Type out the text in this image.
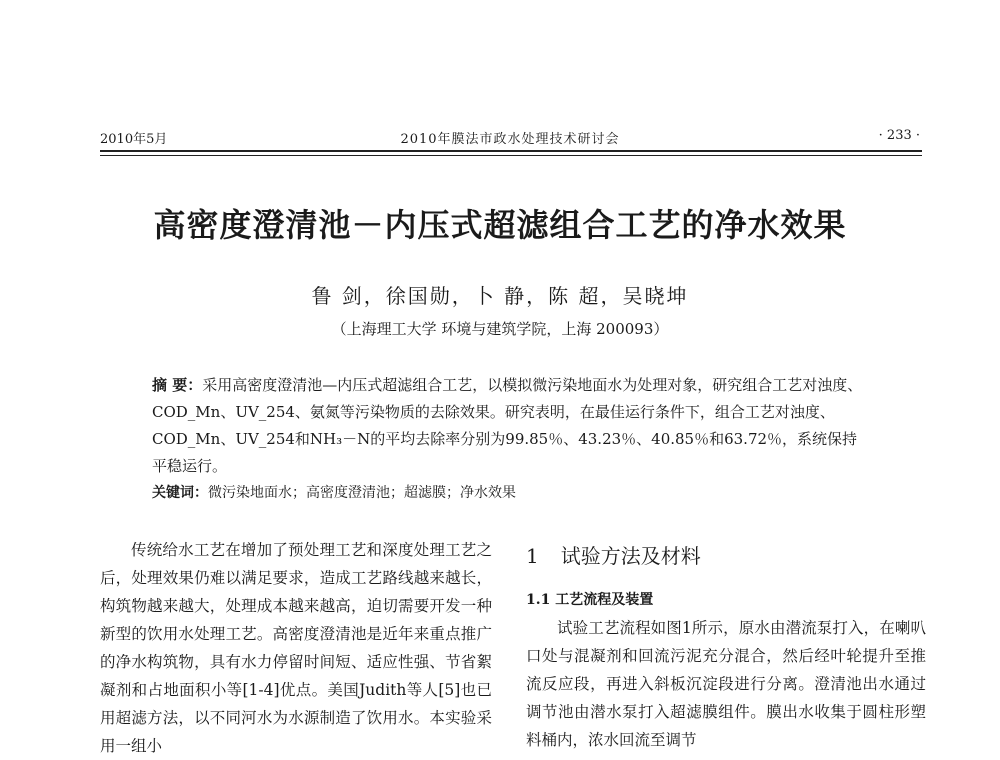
2010年5月	2010年膜法市政水处理技术研讨会	· 233 ·
高密度澄清池－内压式超滤组合工艺的净水效果
鲁 剑，徐国勋，卜 静，陈 超，吴晓坤
（上海理工大学 环境与建筑学院，上海 200093）
摘 要：采用高密度澄清池—内压式超滤组合工艺，以模拟微污染地面水为处理对象，研究组合工艺对浊度、COD_Mn、UV_254、氨氮等污染物质的去除效果。研究表明，在最佳运行条件下，组合工艺对浊度、COD_Mn、UV_254和NH₃－N的平均去除率分别为99.85％、43.23％、40.85％和63.72％，系统保持平稳运行。
关键词：微污染地面水；高密度澄清池；超滤膜；净水效果

传统给水工艺在增加了预处理工艺和深度处理工艺之后，处理效果仍难以满足要求，造成工艺路线越来越长，构筑物越来越大，处理成本越来越高，迫切需要开发一种新型的饮用水处理工艺。高密度澄清池是近年来重点推广的净水构筑物，具有水力停留时间短、适应性强、节省絮凝剂和占地面积小等[1-4]优点。美国Judith等人[5]也已用超滤方法，以不同河水为水源制造了饮用水。本实验采用一组小

1 试验方法及材料
1.1 工艺流程及装置

试验工艺流程如图1所示，原水由潜流泵打入，在喇叭口处与混凝剂和回流污泥充分混合，然后经叶轮提升至推流反应段，再进入斜板沉淀段进行分离。澄清池出水通过调节池由潜水泵打入超滤膜组件。膜出水收集于圆柱形塑料桶内，浓水回流至调节
